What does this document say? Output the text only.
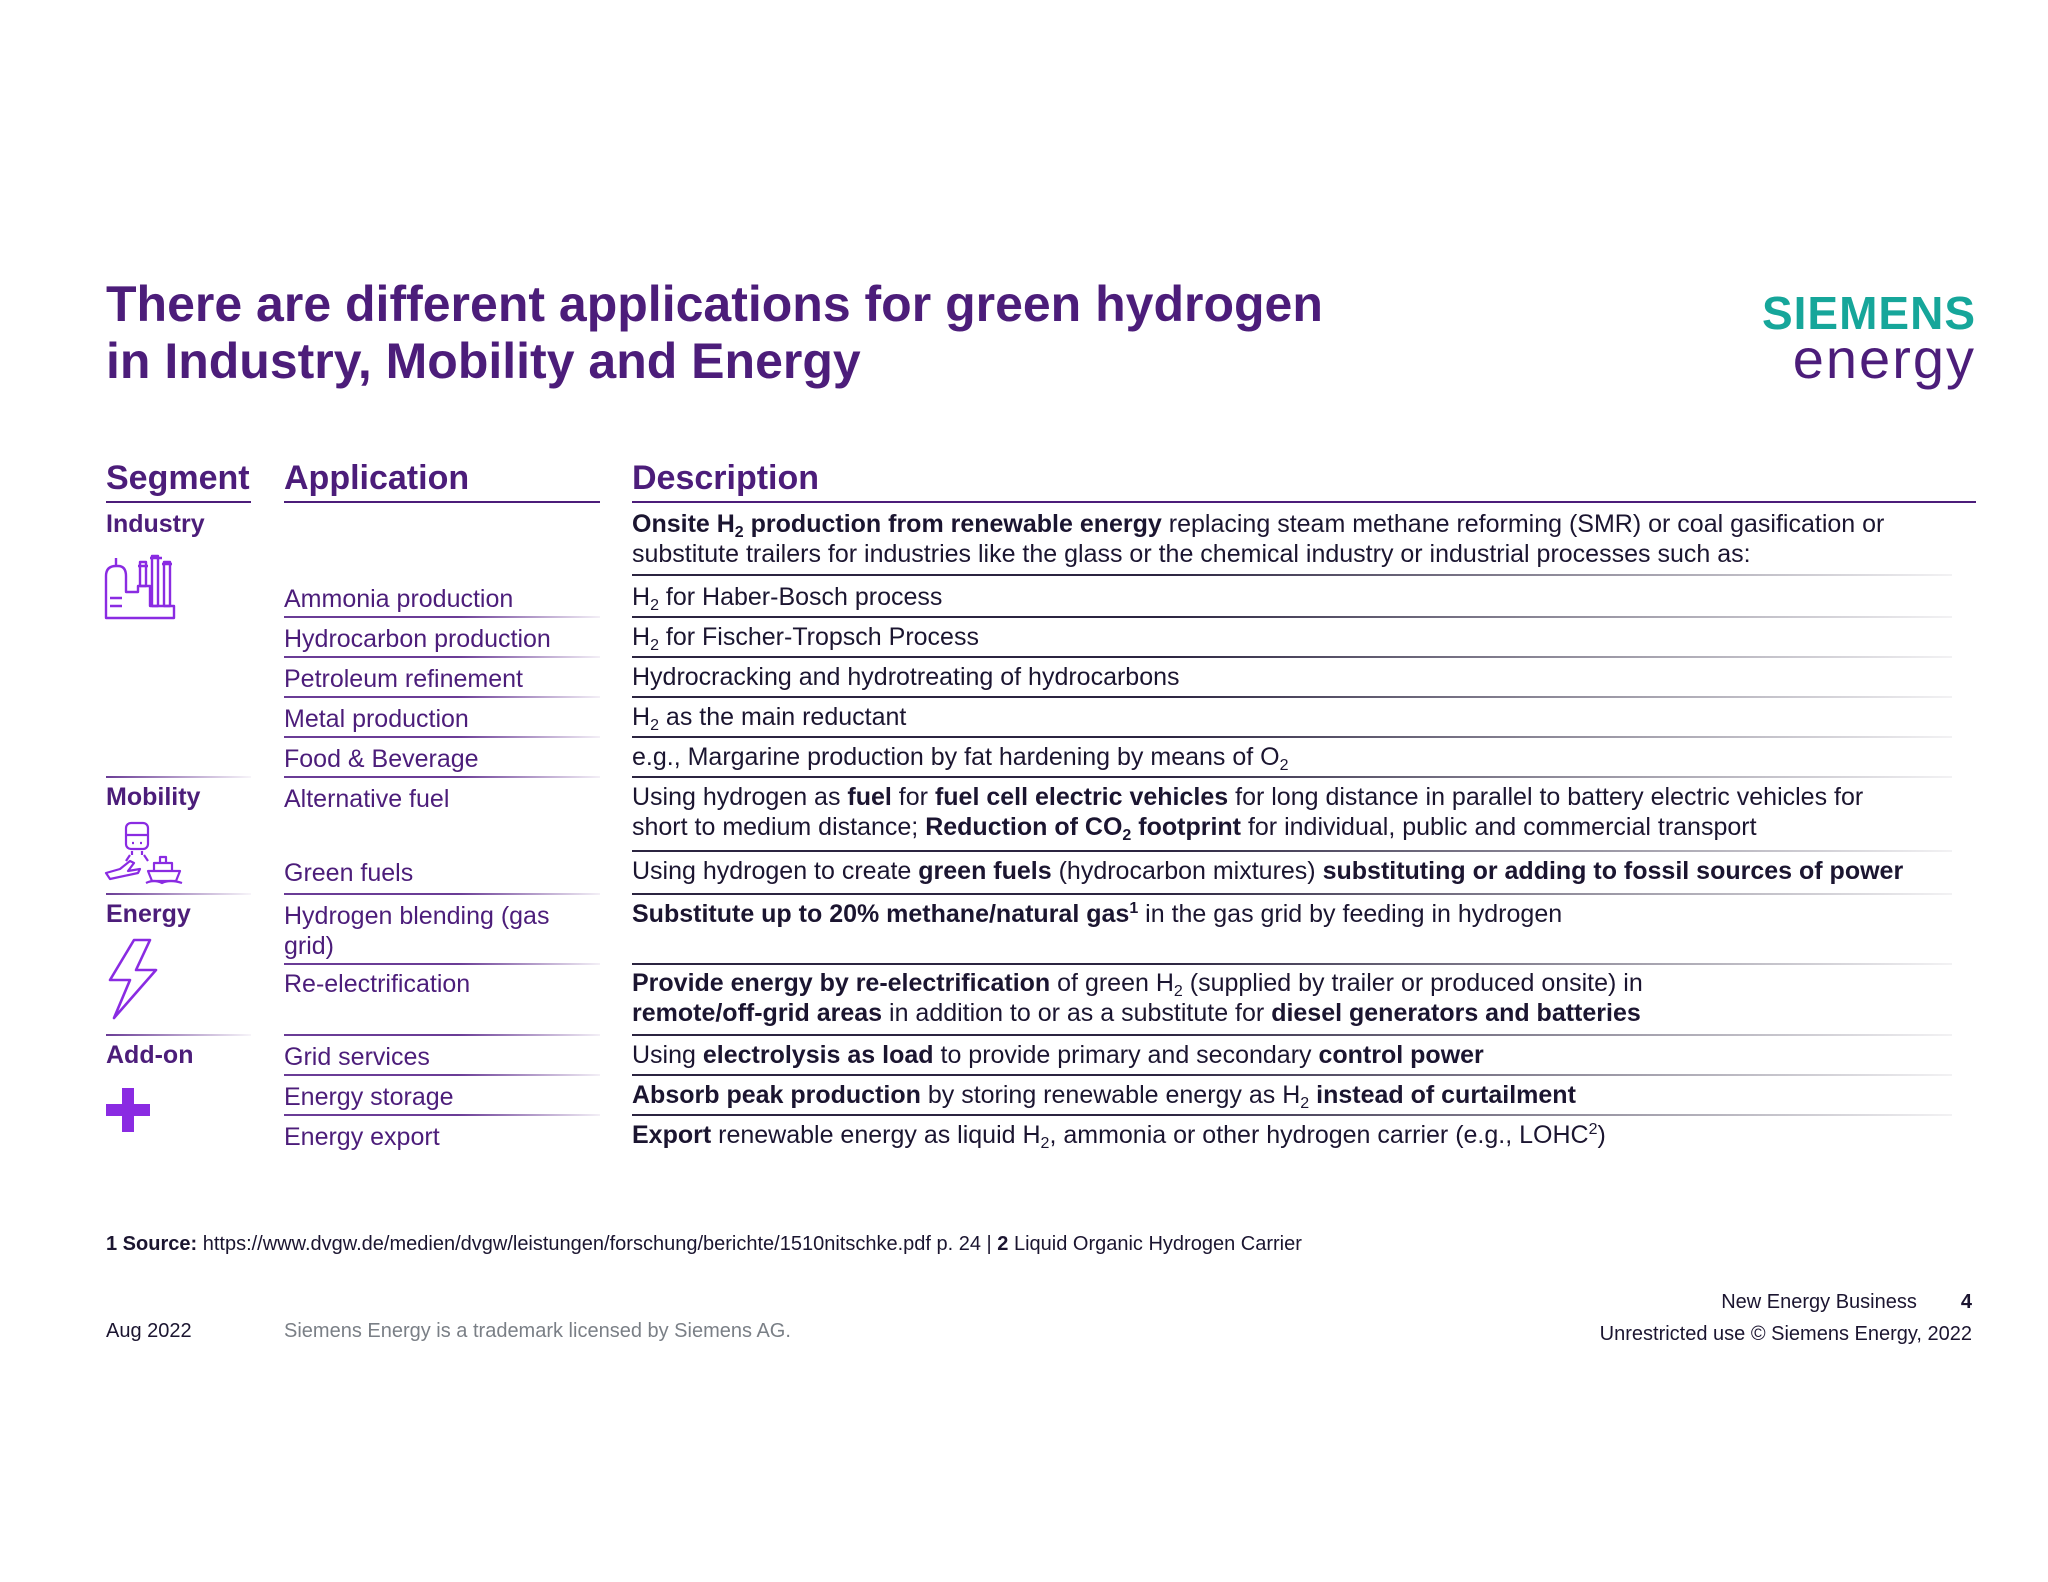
There are different applications for green hydrogen
in Industry, Mobility and Energy
SIEMENS
energy
Segment Application	Description
Industry
Mobility
Energy
Add-on
Ammonia production
Hydrocarbon production
Petroleum refinement
Metal production
Food & Beverage
Alternative fuel
Green fuels
Hydrogen blending (gas grid)
Re-electrification
Grid services
Energy storage
Energy export
Onsite $H_2$ production from renewable energy replacing steam methane reforming (SMR) or coal gasification or substitute trailers for industries like the glass or the chemical industry or industrial processes such as:
$H_2$ for Haber-Bosch process
$H_2$ for Fischer-Tropsch Process
Hydrocracking and hydrotreating of hydrocarbons
$H_2$ as the main reductant
e.g., Margarine production by fat hardening by means of $O_2$
Using hydrogen as fuel for fuel cell electric vehicles for long distance in parallel to battery electric vehicles for short to medium distance; Reduction of $CO_2$ footprint for individual, public and commercial transport
Using hydrogen to create green fuels (hydrocarbon mixtures) substituting or adding to fossil sources of power
Substitute up to 20% methane/natural gas$^1$ in the gas grid by feeding in hydrogen
Provide energy by re-electrification of green $H_2$ (supplied by trailer or produced onsite) in remote/off-grid areas in addition to or as a substitute for diesel generators and batteries
Using electrolysis as load to provide primary and secondary control power
Absorb peak production by storing renewable energy as $H_2$ instead of curtailment
Export renewable energy as liquid $H_2$, ammonia or other hydrogen carrier (e.g., LOHC$^2$)
1 Source: https://www.dvgw.de/medien/dvgw/leistungen/forschung/berichte/1510nitschke.pdf p. 24 | 2 Liquid Organic Hydrogen Carrier
Aug 2022	Siemens Energy is a trademark licensed by Siemens AG.
New Energy Business 4
Unrestricted use © Siemens Energy, 2022
